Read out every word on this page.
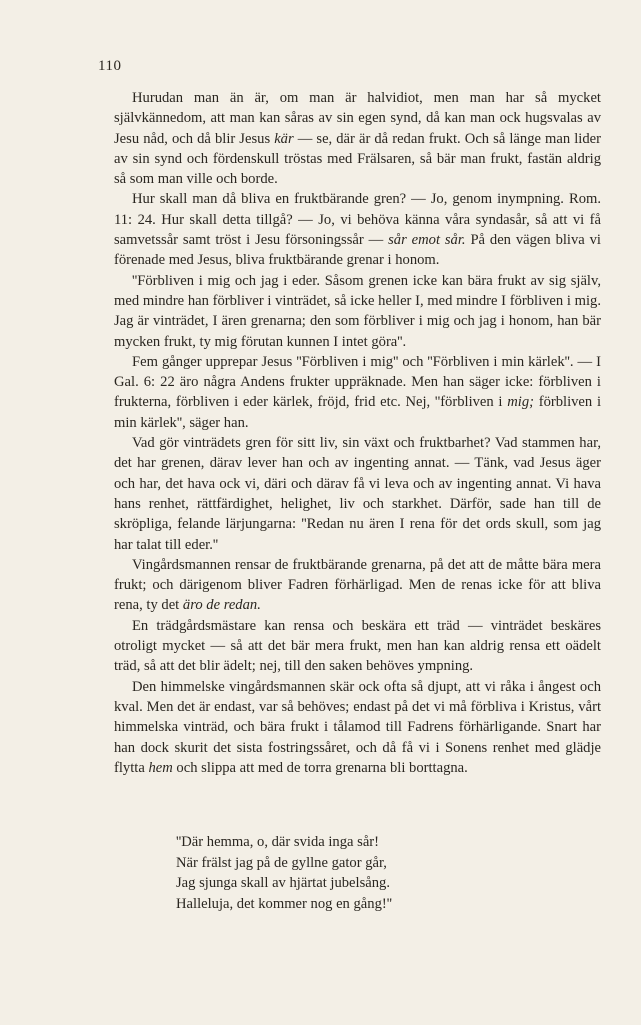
110

Hurudan man än är, om man är halvidiot, men man har så mycket självkännedom, att man kan såras av sin egen synd, då kan man ock hugsvalas av Jesu nåd, och då blir Jesus kär — se, där är då redan frukt. Och så länge man lider av sin synd och fördenskull tröstas med Frälsaren, så bär man frukt, fastän aldrig så som man ville och borde.

Hur skall man då bliva en fruktbärande gren? — Jo, genom inympning. Rom. 11: 24. Hur skall detta tillgå? — Jo, vi behöva känna våra syndasår, så att vi få samvetssår samt tröst i Jesu försoningssår — sår emot sår. På den vägen bliva vi förenade med Jesus, bliva fruktbärande grenar i honom.

''Förbliven i mig och jag i eder. Såsom grenen icke kan bära frukt av sig själv, med mindre han förbliver i vinträdet, så icke heller I, med mindre I förbliven i mig. Jag är vinträdet, I ären grenarna; den som förbliver i mig och jag i honom, han bär mycken frukt, ty mig förutan kunnen I intet göra''.

Fem gånger upprepar Jesus ''Förbliven i mig'' och ''Förbliven i min kärlek''. — I Gal. 6: 22 äro några Andens frukter uppräknade. Men han säger icke: förbliven i frukterna, förbliven i eder kärlek, fröjd, frid etc. Nej, ''förbliven i mig; förbliven i min kärlek'', säger han.

Vad gör vinträdets gren för sitt liv, sin växt och fruktbarhet? Vad stammen har, det har grenen, därav lever han och av ingenting annat. — Tänk, vad Jesus äger och har, det hava ock vi, däri och därav få vi leva och av ingenting annat. Vi hava hans renhet, rättfärdighet, helighet, liv och starkhet. Därför, sade han till de skröpliga, felande lärjungarna: ''Redan nu ären I rena för det ords skull, som jag har talat till eder.''

Vingårdsmannen rensar de fruktbärande grenarna, på det att de måtte bära mera frukt; och därigenom bliver Fadren förhärligad. Men de renas icke för att bliva rena, ty det äro de redan.

En trädgårdsmästare kan rensa och beskära ett träd — vinträdet beskäres otroligt mycket — så att det bär mera frukt, men han kan aldrig rensa ett oädelt träd, så att det blir ädelt; nej, till den saken behöves ympning.

Den himmelske vingårdsmannen skär ock ofta så djupt, att vi råka i ångest och kval. Men det är endast, var så behöves; endast på det vi må förbliva i Kristus, vårt himmelska vinträd, och bära frukt i tålamod till Fadrens förhärligande. Snart har han dock skurit det sista fostringssåret, och då få vi i Sonens renhet med glädje flytta hem och slippa att med de torra grenarna bli borttagna.

''Där hemma, o, där svida inga sår!

När frälst jag på de gyllne gator går,

Jag sjunga skall av hjärtat jubelsång.

Halleluja, det kommer nog en gång!''
